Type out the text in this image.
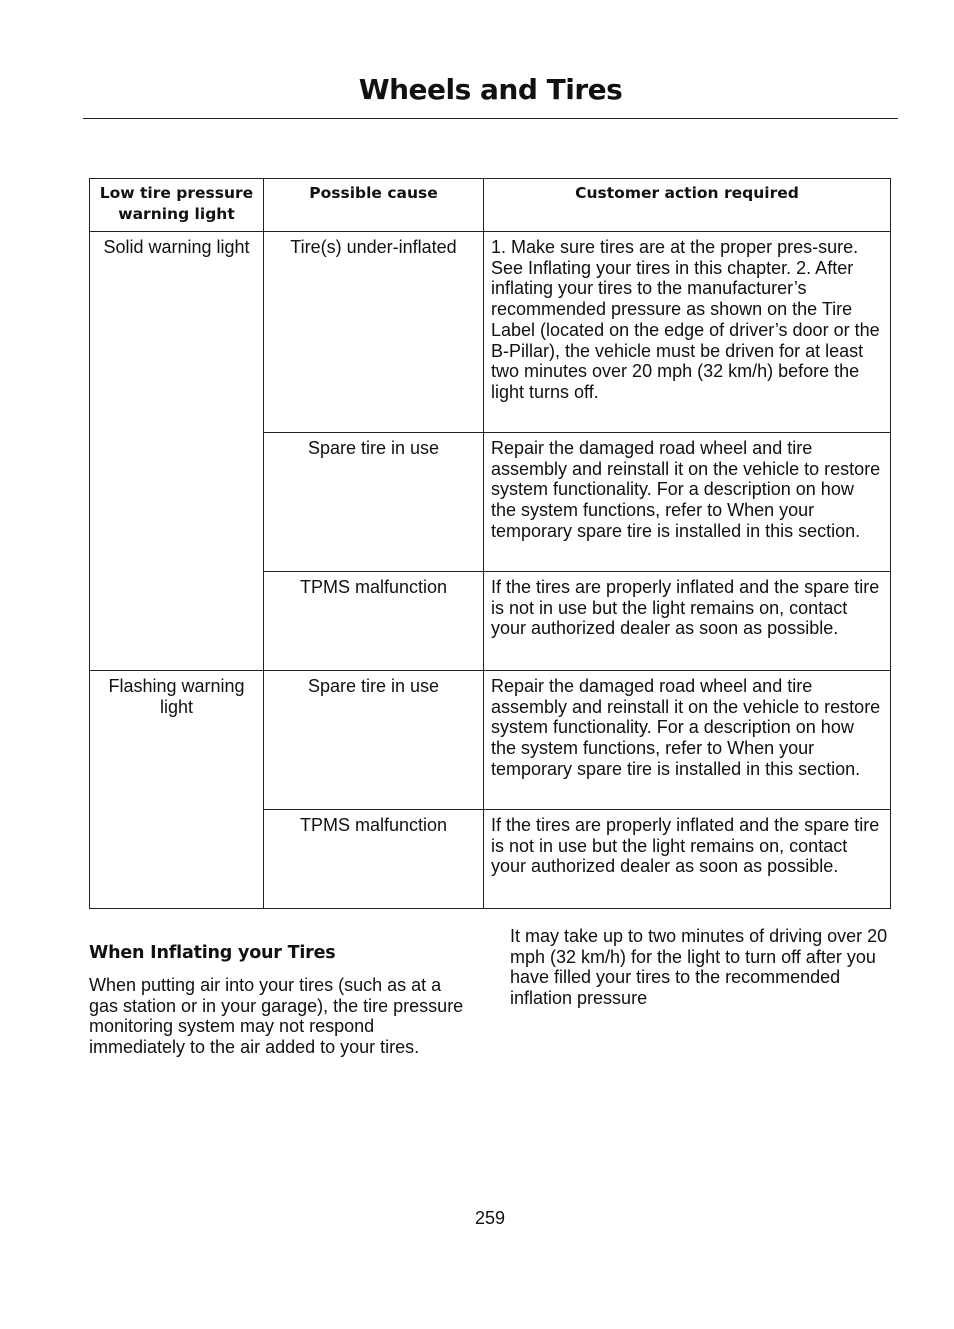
Wheels and Tires
Low tire pressure warning light	Possible cause	Customer action required
Solid warning light	Tire(s) under-inflated	1. Make sure tires are at the proper pres-sure. See Inflating your tires in this chapter. 2. After inflating your tires to the manufacturer’s recommended pressure as shown on the Tire Label (located on the edge of driver’s door or the B-Pillar), the vehicle must be driven for at least two minutes over 20 mph (32 km/h) before the light turns off.
	Spare tire in use	Repair the damaged road wheel and tire assembly and reinstall it on the vehicle to restore system functionality. For a description on how the system functions, refer to When your temporary spare tire is installed in this section.
	TPMS malfunction	If the tires are properly inflated and the spare tire is not in use but the light remains on, contact your authorized dealer as soon as possible.
Flashing warning light	Spare tire in use	Repair the damaged road wheel and tire assembly and reinstall it on the vehicle to restore system functionality. For a description on how the system functions, refer to When your temporary spare tire is installed in this section.
	TPMS malfunction	If the tires are properly inflated and the spare tire is not in use but the light remains on, contact your authorized dealer as soon as possible.
When Inflating your Tires

When putting air into your tires (such as at a gas station or in your garage), the tire pressure monitoring system may not respond immediately to the air added to your tires.

It may take up to two minutes of driving over 20 mph (32 km/h) for the light to turn off after you have filled your tires to the recommended inflation pressure

259
